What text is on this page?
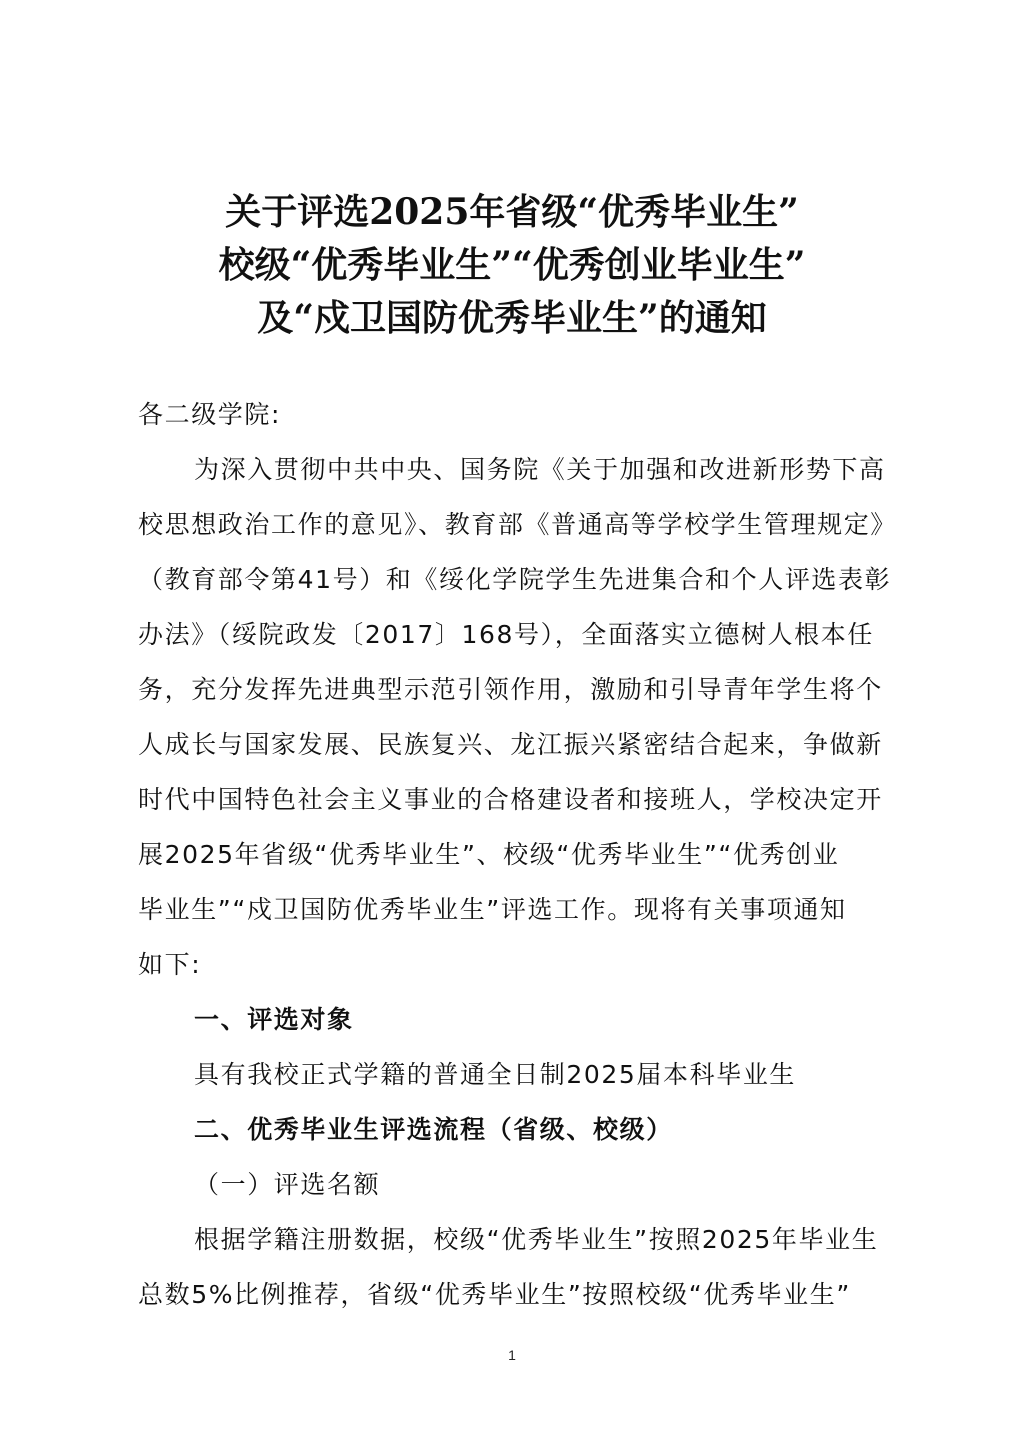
关于评选2025年省级“优秀毕业生”
校级“优秀毕业生”“优秀创业毕业生”
及“戍卫国防优秀毕业生”的通知
各二级学院:
为深入贯彻中共中央、国务院《关于加强和改进新形势下高
校思想政治工作的意见》、教育部《普通高等学校学生管理规定》
（教育部令第41号）和《绥化学院学生先进集合和个人评选表彰
办法》（绥院政发〔2017〕168号），全面落实立德树人根本任
务，充分发挥先进典型示范引领作用，激励和引导青年学生将个
人成长与国家发展、民族复兴、龙江振兴紧密结合起来，争做新
时代中国特色社会主义事业的合格建设者和接班人，学校决定开
展2025年省级“优秀毕业生”、校级“优秀毕业生”“优秀创业
毕业生”“戍卫国防优秀毕业生”评选工作。现将有关事项通知
如下:
一、评选对象
具有我校正式学籍的普通全日制2025届本科毕业生
二、优秀毕业生评选流程（省级、校级）
（一）评选名额
根据学籍注册数据，校级“优秀毕业生”按照2025年毕业生
总数5%比例推荐，省级“优秀毕业生”按照校级“优秀毕业生”
1
